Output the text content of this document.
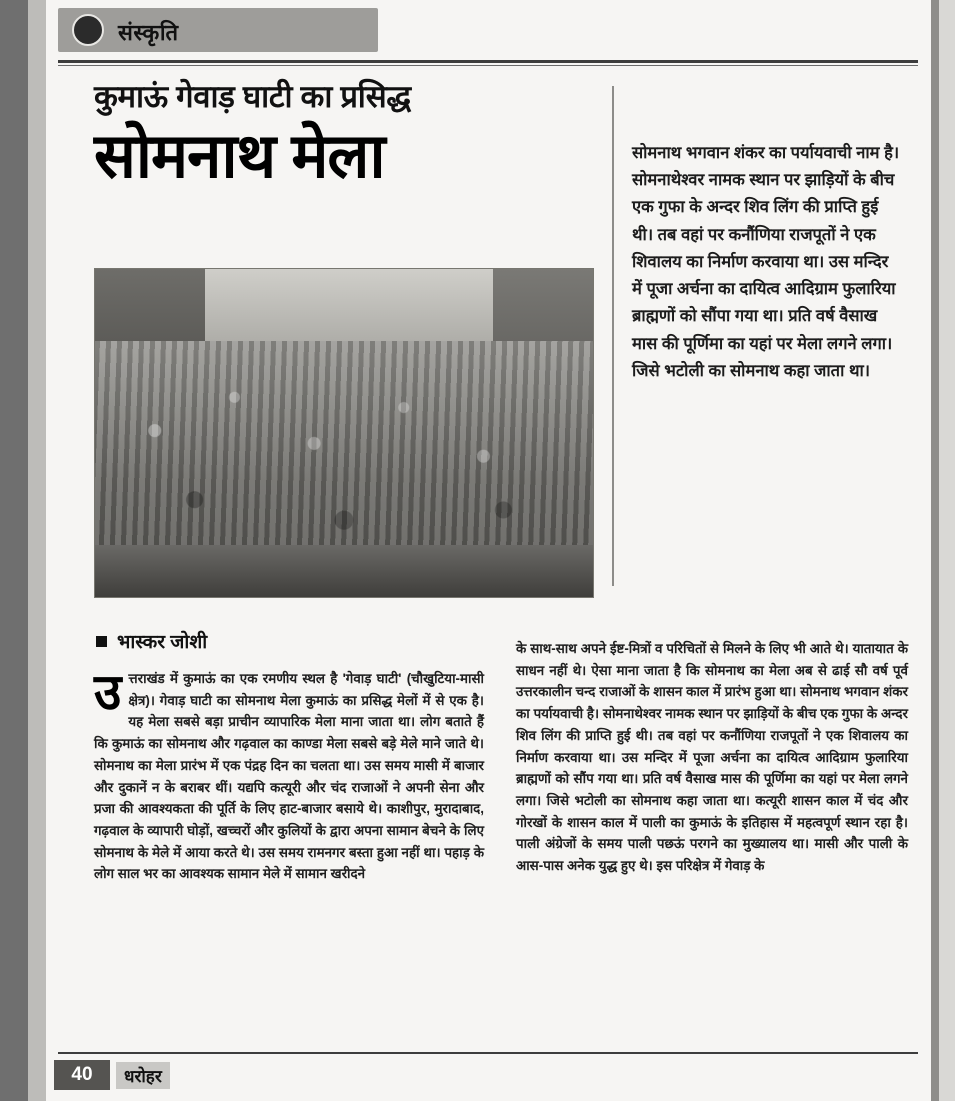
संस्कृति
कुमाऊं गेवाड़ घाटी का प्रसिद्ध
सोमनाथ मेला	सोमनाथ भगवान शंकर का पर्यायवाची नाम है। सोमनाथेश्वर नामक स्थान पर झाड़ियों के बीच एक गुफा के अन्दर शिव लिंग की प्राप्ति हुई थी। तब वहां पर कनौंणिया राजपूतों ने एक शिवालय का निर्माण करवाया था। उस मन्दिर में पूजा अर्चना का दायित्व आदिग्राम फुलारिया ब्राह्मणों को सौंपा गया था। प्रति वर्ष वैसाख मास की पूर्णिमा का यहां पर मेला लगने लगा। जिसे भटोली का सोमनाथ कहा जाता था।
भास्कर जोशी
उत्तराखंड में कुमाऊं का एक रमणीय स्थल है 'गेवाड़ घाटी' (चौखुटिया-मासी क्षेत्र)। गेवाड़ घाटी का सोमनाथ मेला कुमाऊं का प्रसिद्ध मेलों में से एक है। यह मेला सबसे बड़ा प्राचीन व्यापारिक मेला माना जाता था। लोग बताते हैं कि कुमाऊं का सोमनाथ और गढ़वाल का काण्डा मेला सबसे बड़े मेले माने जाते थे। सोमनाथ का मेला प्रारंभ में एक पंद्रह दिन का चलता था। उस समय मासी में बाजार और दुकानें न के बराबर थीं। यद्यपि कत्यूरी और चंद राजाओं ने अपनी सेना और प्रजा की आवश्यकता की पूर्ति के लिए हाट-बाजार बसाये थे। काशीपुर, मुरादाबाद, गढ़वाल के व्यापारी घोड़ों, खच्चरों और कुलियों के द्वारा अपना सामान बेचने के लिए सोमनाथ के मेले में आया करते थे। उस समय रामनगर बस्ता हुआ नहीं था। पहाड़ के लोग साल भर का आवश्यक सामान मेले में सामान खरीदने
के साथ-साथ अपने ईष्ट-मित्रों व परिचितों से मिलने के लिए भी आते थे। यातायात के साधन नहीं थे। ऐसा माना जाता है कि सोमनाथ का मेला अब से ढाई सौ वर्ष पूर्व उत्तरकालीन चन्द राजाओं के शासन काल में प्रारंभ हुआ था। सोमनाथ भगवान शंकर का पर्यायवाची है। सोमनाथेश्वर नामक स्थान पर झाड़ियों के बीच एक गुफा के अन्दर शिव लिंग की प्राप्ति हुई थी। तब वहां पर कनौंणिया राजपूतों ने एक शिवालय का निर्माण करवाया था। उस मन्दिर में पूजा अर्चना का दायित्व आदिग्राम फुलारिया ब्राह्मणों को सौंप गया था। प्रति वर्ष वैसाख मास की पूर्णिमा का यहां पर मेला लगने लगा। जिसे भटोली का सोमनाथ कहा जाता था। कत्यूरी शासन काल में चंद और गोरखों के शासन काल में पाली का कुमाऊं के इतिहास में महत्वपूर्ण स्थान रहा है। पाली अंग्रेजों के समय पाली पछऊं परगने का मुख्यालय था। मासी और पाली के आस-पास अनेक युद्ध हुए थे। इस परिक्षेत्र में गेवाड़ के
40	धरोहर
